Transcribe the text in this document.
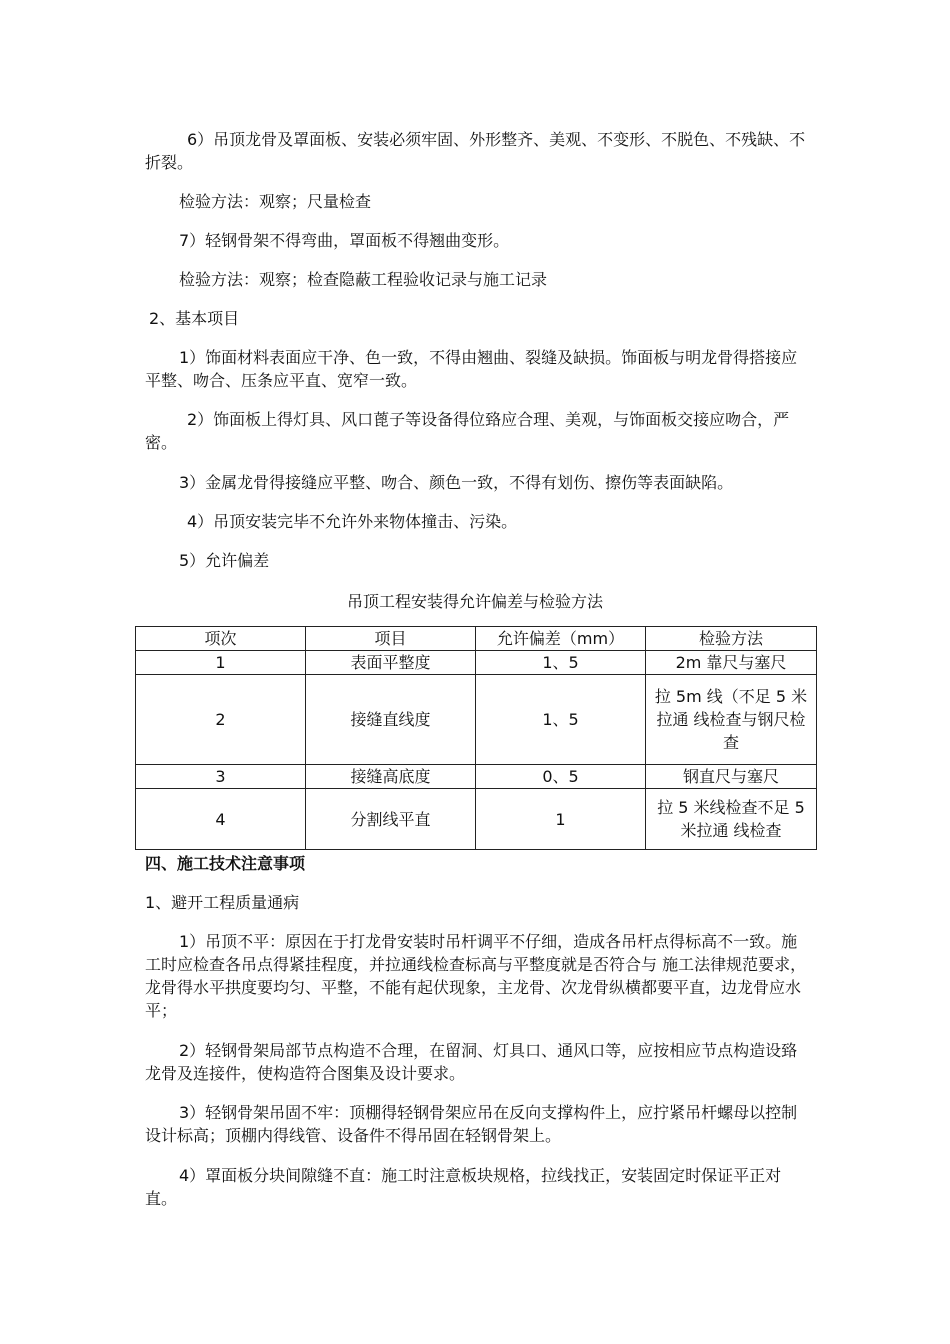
6）吊顶龙骨及罩面板、安装必须牢固、外形整齐、美观、不变形、不脱色、不残缺、不折裂。

检验方法：观察；尺量检查

7）轻钢骨架不得弯曲，罩面板不得翘曲变形。

检验方法：观察；检查隐蔽工程验收记录与施工记录

2、基本项目

1）饰面材料表面应干净、色一致，不得由翘曲、裂缝及缺损。饰面板与明龙骨得搭接应平整、吻合、压条应平直、宽窄一致。

2）饰面板上得灯具、风口蓖子等设备得位臵应合理、美观，与饰面板交接应吻合，严密。

3）金属龙骨得接缝应平整、吻合、颜色一致，不得有划伤、擦伤等表面缺陷。

4）吊顶安装完毕不允许外来物体撞击、污染。

5）允许偏差

吊顶工程安装得允许偏差与检验方法
项次	项目	允许偏差（mm）	检验方法
1	表面平整度	1、5	2m 靠尺与塞尺
2	接缝直线度	1、5	拉 5m 线（不足 5 米拉通 线检查与钢尺检查
3	接缝高底度	0、5	钢直尺与塞尺
4	分割线平直	1	拉 5 米线检查不足 5 米拉通 线检查

四、施工技术注意事项

1、避开工程质量通病

1）吊顶不平：原因在于打龙骨安装时吊杆调平不仔细，造成各吊杆点得标高不一致。施工时应检查各吊点得紧挂程度，并拉通线检查标高与平整度就是否符合与 施工法律规范要求，龙骨得水平拱度要均匀、平整，不能有起伏现象，主龙骨、次龙骨纵横都要平直，边龙骨应水平；

2）轻钢骨架局部节点构造不合理，在留洞、灯具口、通风口等，应按相应节点构造设臵龙骨及连接件，使构造符合图集及设计要求。

3）轻钢骨架吊固不牢：顶棚得轻钢骨架应吊在反向支撑构件上，应拧紧吊杆螺母以控制设计标高；顶棚内得线管、设备件不得吊固在轻钢骨架上。

4）罩面板分块间隙缝不直：施工时注意板块规格，拉线找正，安装固定时保证平正对直。
